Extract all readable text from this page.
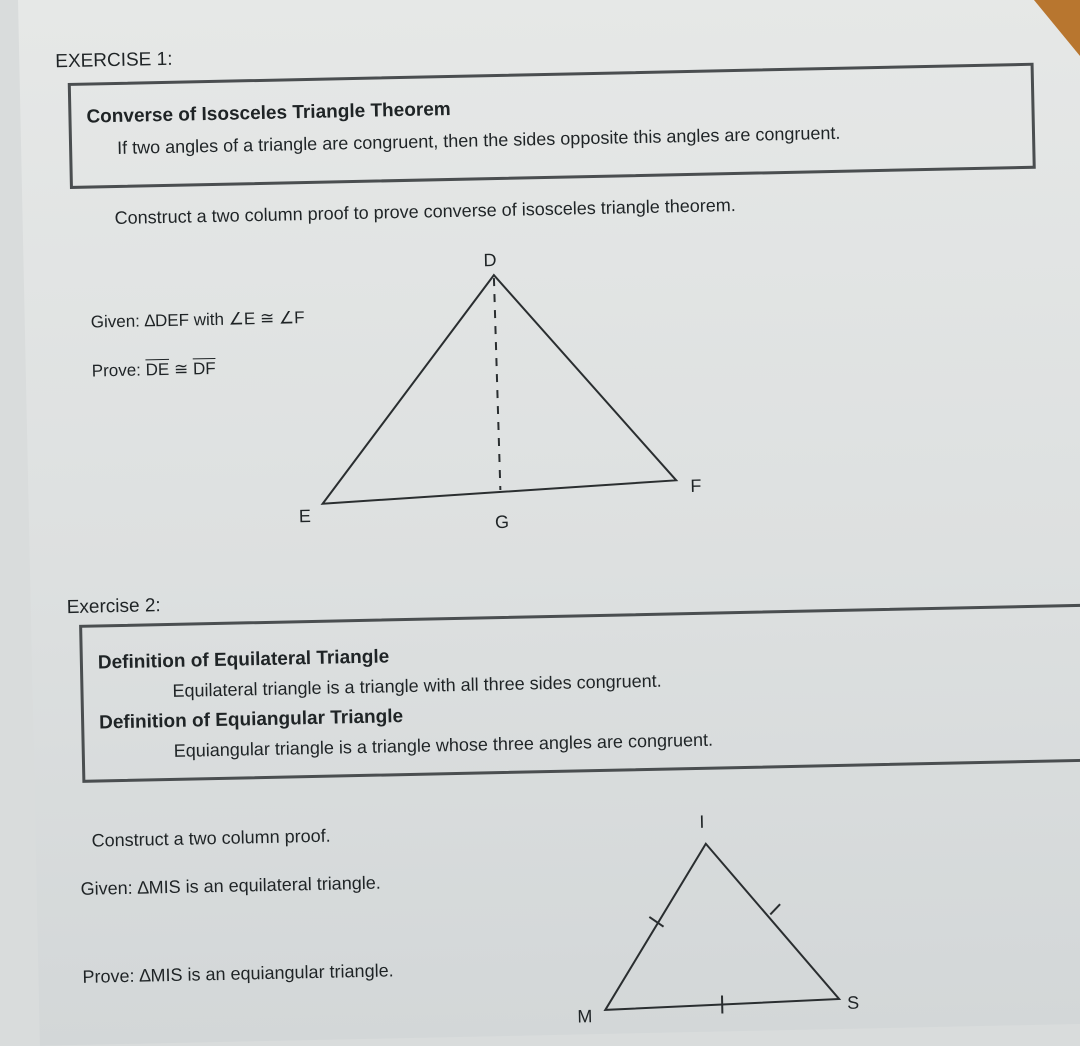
EXERCISE 1:
Converse of Isosceles Triangle Theorem
If two angles of a triangle are congruent, then the sides opposite this angles are congruent.
Construct a two column proof to prove converse of isosceles triangle theorem.
Given: ∆DEF with ∠E ≅ ∠F
Prove: $\overline{DE}$ ≅ $\overline{DF}$
D
E
F
G
Exercise 2:
Definition of Equilateral Triangle
Equilateral triangle is a triangle with all three sides congruent.
Definition of Equiangular Triangle
Equiangular triangle is a triangle whose three angles are congruent.
Construct a two column proof.
Given: ∆MIS is an equilateral triangle.
Prove: ∆MIS is an equiangular triangle.
I
M
S
